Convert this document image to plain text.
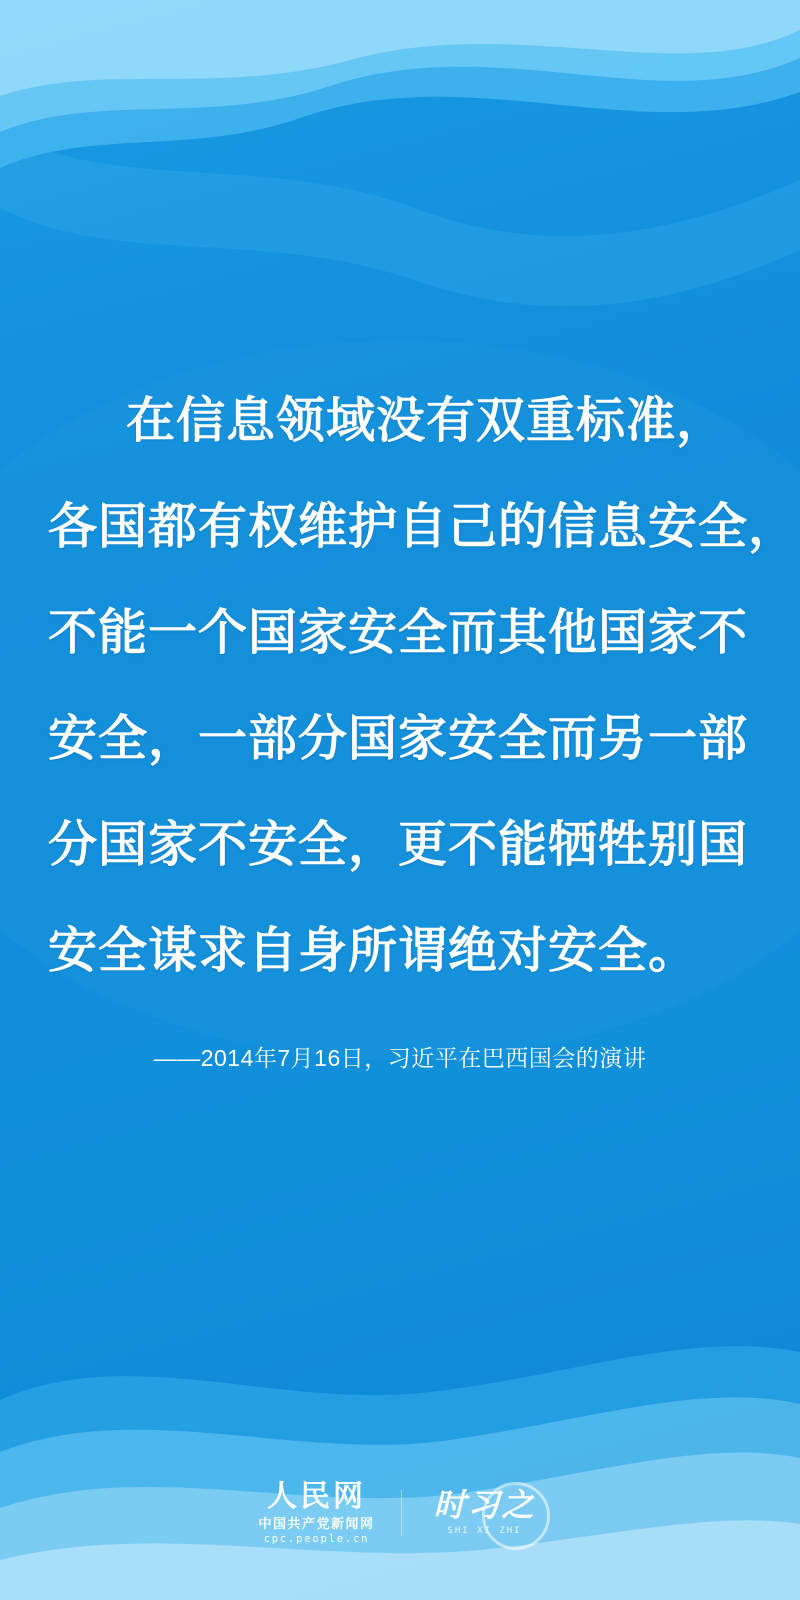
在信息领域没有双重标准，
各国都有权维护自己的信息安全，
不能一个国家安全而其他国家不
安全，一部分国家安全而另一部
分国家不安全，更不能牺牲别国
安全谋求自身所谓绝对安全。
——2014年7月16日，习近平在巴西国会的演讲
人民网
中国共产党新闻网
cpc.people.cn
时习之
SHI XI ZHI
